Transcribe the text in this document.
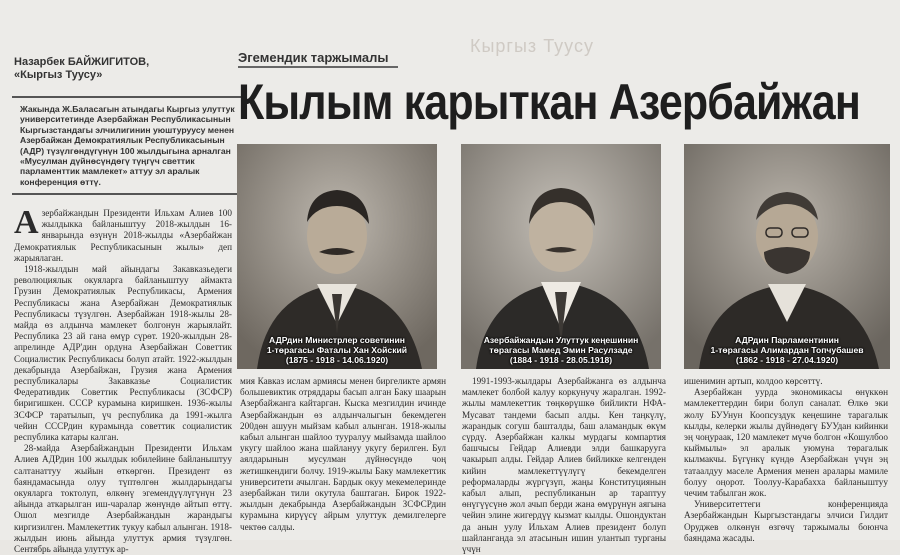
Назарбек БАЙЖИГИТОВ,
«Кыргыз Туусу»
Жакында Ж.Баласагын атындагы Кыргыз улуттук университетинде Азербайжан Республикасынын Кыргызстандагы элчилигинин уюштуруусу менен Азербайжан Демократиялык Республикасынын (АДР) түзүлгөндүгүнүн 100 жылдыгына арналган «Мусулман дүйнөсүндөгү түңгүч светтик парламенттик мамлекет» аттуу эл аралык конференция өттү.
Кыргыз Туусу
Эгемендик таржымалы
Кылым карыткан Азербайжан
АДРдин Министрлер советинин
1-төрагасы Фаталы Хан Хойский
(1875 - 1918 - 14.06.1920)
Азербайжандын Улуттук кеңешинин
төрагасы Мамед Эмин Расулзаде
(1884 - 1918 - 28.05.1918)
АДРдин Парламентинин
1-төрагасы Алимардан Топчубашев
(1862 - 1918 - 27.04.1920)

Азербайжандын Президенти Ильхам Алиев 100 жылдыкка байланыштуу 2018-жылдын 16-январында өзүнүн 2018-жылды «Азербайжан Демократиялык Республикасынын жылы» деп жарыялаган.

1918-жылдын май айындагы Закавказьедеги революциялык окуяларга байланыштуу аймакта Грузин Демократиялык Республикасы, Армения Республикасы жана Азербайжан Демократиялык Республикасы түзүлгөн. Азербайжан 1918-жылы 28-майда өз алдынча мамлекет болгонун жарыялайт. Республика 23 ай гана өмүр сүрөт. 1920-жылдын 28-апрелинде АДР'дин ордуна Азербайжан Советтик Социалистик Республикасы болуп атайт. 1922-жылдын декабрында Азербайжан, Грузия жана Армения республикалары Закавказье Социалистик Федеративдик Советтик Республикасы (ЗСФСР) биригишкен. СССР курамына киришкен. 1936-жылы ЗСФСР таратылып, үч республика да 1991-жылга чейин СССРдин курамында советтик социалистик республика катары калган.

28-майда Азербайжандын Президенти Ильхам Алиев АДРдин 100 жылдык юбилейине байланыштуу салтанаттуу жыйын өткөргөн. Президент өз баяндамасында олуу түптөлгөн жылдарындагы окуяларга токтолуп, өлкөнү эгемендүүлүгүнүн 23 айында аткарылган иш-чаралар жөнүндө айтып өттү. Ошол мезгилде Азербайжандын жарандыгы киргизилген. Мамлекеттик тукуу кабыл алынган. 1918-жылдын июнь айында улуттук армия түзүлгөн. Сентябрь айында улуттук ар-

мия Кавказ ислам армиясы менен биргеликте армян большевиктик отряддары басып алган Баку шаарын Азербайжанга кайтарган. Кыска мезгилдин ичинде Азербайжандын өз алдынчалыгын бекемдеген 200дөн ашуун мыйзам кабыл алынган. 1918-жылы кабыл алынган шайлоо тууралуу мыйзамда шайлоо укугу шайлоо жана шайлануу укугу берилген. Бул аялдарынын мусулман дүйнөсүндө чоң жетишкендиги болчу. 1919-жылы Баку мамлекеттик университети ачылган. Бардык окуу мекемелеринде азербайжан тили окутула баштаган. Бирок 1922-жылдын декабрында Азербайжандын ЗСФСРдин курамына кирүүсү айрым улуттук демилгелерге чектөө салды.

1991-1993-жылдары Азербайжанга өз алдынча мамлекет болбой калуу коркунучу жаралган. 1992-жылы мамлекеттик төңкөрүшкө бийликти НФА-Мусават тандеми басып алды. Кен таңкүлү, жарандык согуш башталды, баш аламандык өкүм сүрдү. Азербайжан калкы мурдагы компартия башчысы Гейдар Алиевди элди башкарууга чакырып алды. Гейдар Алиев бийликке келгенден кийин мамлекеттүүлүгү бекемделген реформаларды жүргүзүп, жаңы Конституциянын кабыл алып, республиканын ар тараптуу өнүгүүсүнө жол ачып берди жана өмүрүнүн аягына чейин элине жигердүү кызмат кылды. Ошондуктан да анын уулу Ильхам Алиев президент болуп шайланганда эл атасынын ишин улантып турганы үчүн

ишенимин артып, колдоо көрсөттү.

Азербайжан уурда экономикасы өнүккөн мамлекеттердин бири болуп саналат. Өлкө эки жолу БУУнун Коопсуздук кеңешине тарагалык кылды, келерки жылы дүйнөдөгү БУУдан кийинки эң чоңураак, 120 мамлекет мүчө болгон «Кошулбоо кыймылы» эл аралык уюмуна төрагалык кылмакчы. Бүгүнкү күндө Азербайжан үчүн эң татаалдуу маселе Армения менен аралары мамиле болуу оңорот. Тоолуу-Карабахха байланыштуу чечим табылган жок.

Университеттеги конференцияда Азербайжандын Кыргызстандагы элчиси Гилдит Оруджев олкөнүн өзгөчү таржымалы боюнча баяндама жасады.
